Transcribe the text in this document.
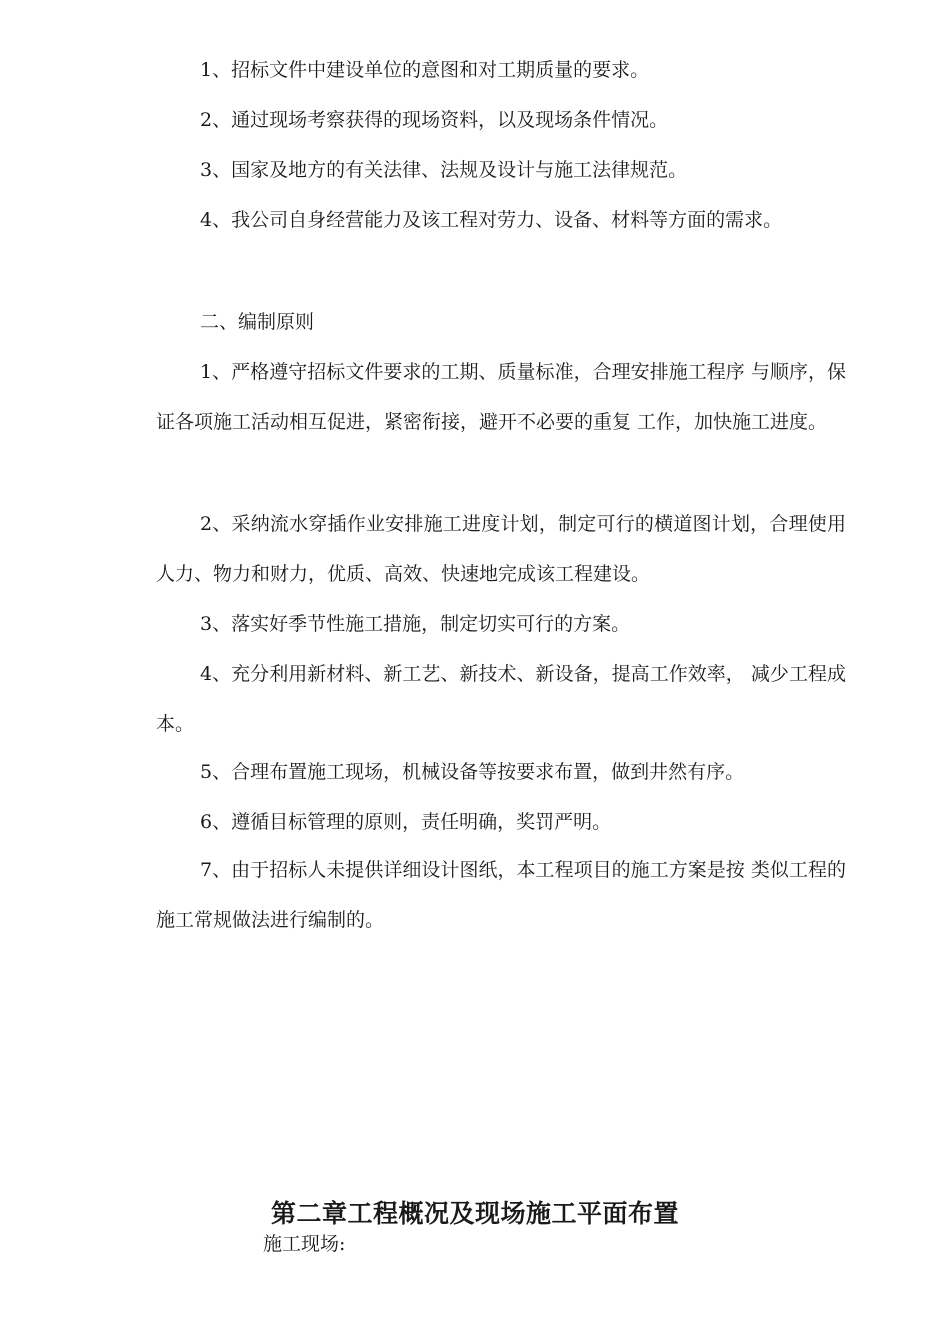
1、招标文件中建设单位的意图和对工期质量的要求。

2、通过现场考察获得的现场资料，以及现场条件情况。

3、国家及地方的有关法律、法规及设计与施工法律规范。

4、我公司自身经营能力及该工程对劳力、设备、材料等方面的需求。

二、编制原则

1、严格遵守招标文件要求的工期、质量标准，合理安排施工程序 与顺序，保证各项施工活动相互促进，紧密衔接，避开不必要的重复 工作，加快施工进度。

2、采纳流水穿插作业安排施工进度计划，制定可行的横道图计划，合理使用人力、物力和财力，优质、高效、快速地完成该工程建设。

3、落实好季节性施工措施，制定切实可行的方案。

4、充分利用新材料、新工艺、新技术、新设备，提高工作效率， 减少工程成本。

5、合理布置施工现场，机械设备等按要求布置，做到井然有序。

6、遵循目标管理的原则，责任明确，奖罚严明。

7、由于招标人未提供详细设计图纸，本工程项目的施工方案是按 类似工程的施工常规做法进行编制的。

第二章工程概况及现场施工平面布置

施工现场:
